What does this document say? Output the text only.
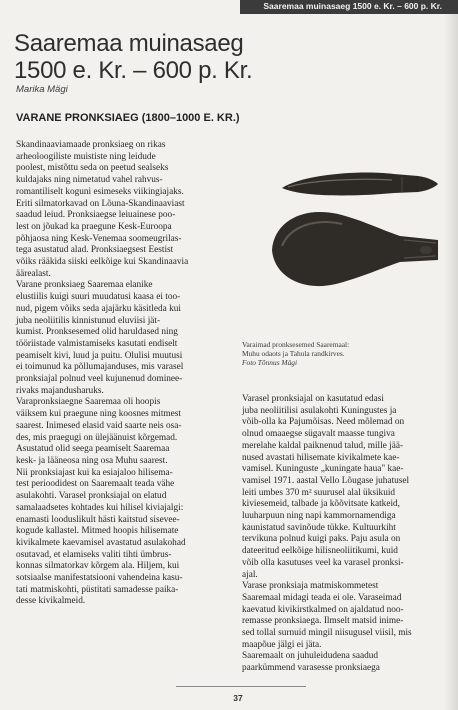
Saaremaa muinasaeg 1500 e. Kr. – 600 p. Kr.
Saaremaa muinasaeg
1500 e. Kr. – 600 p. Kr.
Marika Mägi
VARANE PRONKSIAEG (1800–1000 E. KR.)
Skandinaaviamaade pronksiaeg on rikas
arheoloogiliste muististe ning leidude
poolest, mistõttu seda on peetud sealseks
kuldajaks ning nimetatud vahel rahvus-
romantiliselt koguni esimeseks viikingiajaks.
Eriti silmatorkavad on Lõuna-Skandinaaviast
saadud leiud. Pronksiaegse leiuainese poo-
lest on jõukad ka praegune Kesk-Euroopa
põhjaosa ning Kesk-Venemaa soomeugrilas-
tega asustatud alad. Pronksiaegsest Eestist
võiks rääkida siiski eelkõige kui Skandinaavia
äärealast.
Varane pronksiaeg Saaremaa elanike
elustiilis kuigi suuri muudatusi kaasa ei too-
nud, pigem võiks seda ajajärku käsitleda kui
juba neoliitilis kinnistunud eluviisi jät-
kumist. Pronksesemed olid haruldased ning
tööriistade valmistamiseks kasutati endiselt
peamiselt kivi, luud ja puitu. Olulisi muutusi
ei toimunud ka põllumajanduses, mis varasel
pronksiajal polnud veel kujunenud dominee-
rivaks majandusharuks.
Varapronksiaegne Saaremaa oli hoopis
väiksem kui praegune ning koosnes mitmest
saarest. Inimesed elasid vaid saarte neis osa-
des, mis praegugi on ülejäänuist kõrgemad.
Asustatud olid seega peamiselt Saaremaa
kesk- ja lääneosa ning osa Muhu saarest.
Nii pronksiajast kui ka esiajaloo hilisema-
test perioodidest on Saaremaalt teada vähe
asulakohti. Varasel pronksiajal on elatud
samalaadsetes kohtades kui hilisel kiviajalgi:
enamasti looduslikult hästi kaitstud sisevee-
kogude kallastel. Mitmed hoopis hilisemate
kivikalmete kaevamisel avastatud asulakohad
osutavad, et elamiseks valiti tihti ümbrus-
konnas silmatorkav kõrgem ala. Hiljem, kui
sotsiaalse manifestatsiooni vahendeina kasu-
tati matmiskohti, püstitati samadesse paika-
desse kivikalmeid.
Varaimad pronksesemed Saaremaal:
Muhu odaots ja Tahula randkirves.
Foto Tõnnus Mägi
Varasel pronksiajal on kasutatud edasi
juba neoliitilisi asulakohti Kuningustes ja
võib-olla ka Pajumõisas. Need mõlemad on
olnud omaaegse sügavalt maasse tungiva
merelahe kaldal paiknenud talud, mille jää-
nused avastati hilisemate kivikalmete kae-
vamisel. Kuninguste „kuningate haua" kae-
vamisel 1971. aastal Vello Lõugase juhatusel
leiti umbes 370 m² suurusel alal üksikuid
kiviesemeid, talbade ja kõõvitsate katkeid,
luuharpuun ning napi kammornamendiga
kaunistatud savinõude tükke. Kultuurkiht
tervikuna polnud kuigi paks. Paju asula on
dateeritud eelkõige hilisneoliitikumi, kuid
võib olla kasutuses veel ka varasel pronksi-
ajal.
Varase pronksiaja matmiskommetest
Saaremaal midagi teada ei ole. Varaseimad
kaevatud kivikirstkalmed on ajaldatud noo-
remasse pronksiaega. Ilmselt matsid inime-
sed tollal surnuid mingil niisugusel viisil, mis
maapõue jälgi ei jäta.
Saaremaalt on juhuleidudena saadud
paarkümmend varasesse pronksiaega
37
